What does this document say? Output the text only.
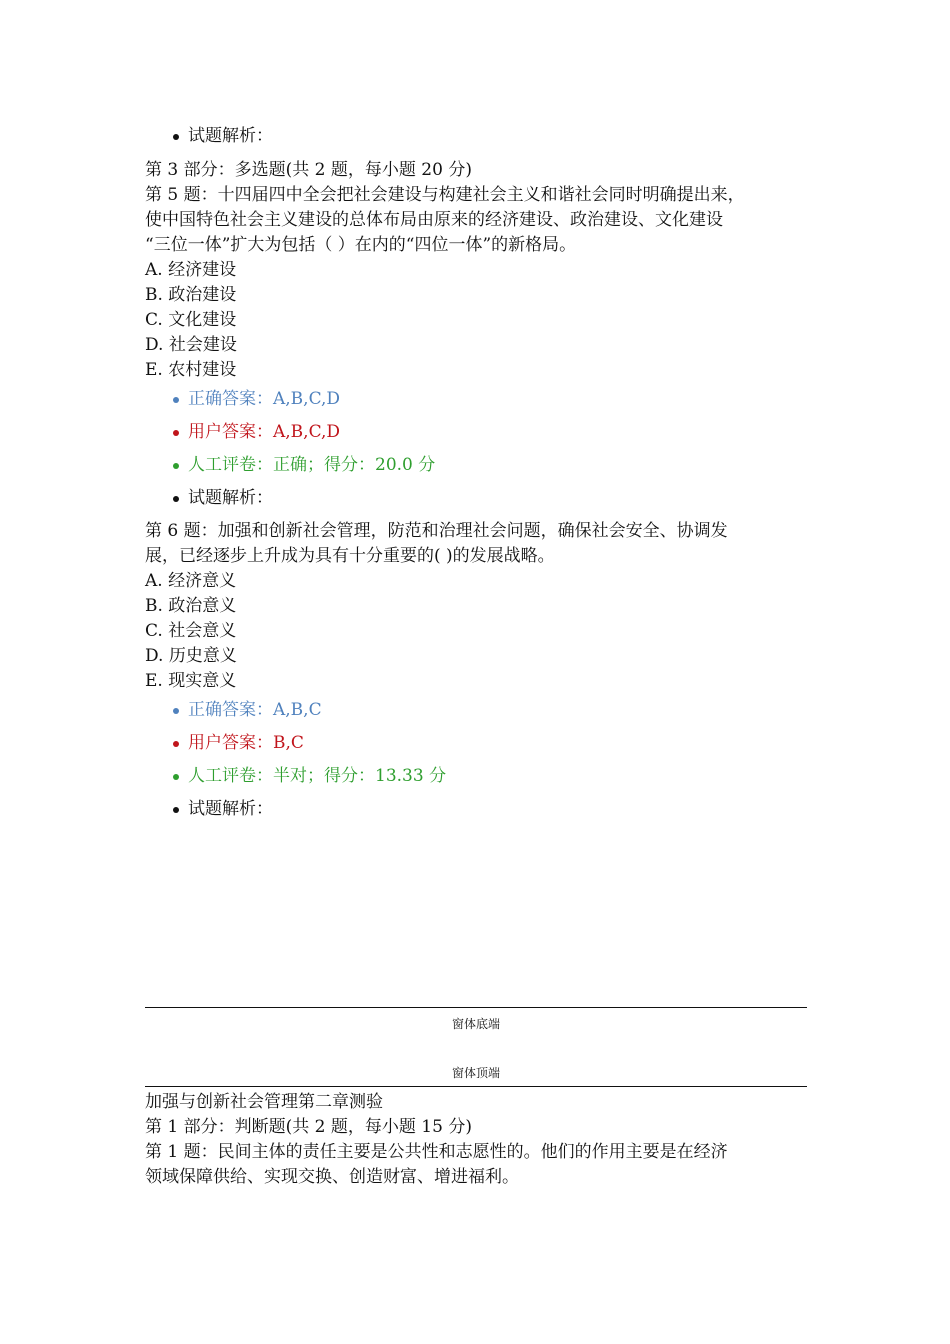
试题解析：
第 3 部分：多选题(共 2 题，每小题 20 分)
第 5 题：十四届四中全会把社会建设与构建社会主义和谐社会同时明确提出来，
使中国特色社会主义建设的总体布局由原来的经济建设、政治建设、文化建设
“三位一体”扩大为包括（ ）在内的“四位一体”的新格局。
A. 经济建设
B. 政治建设
C. 文化建设
D. 社会建设
E. 农村建设
正确答案：A,B,C,D
用户答案：A,B,C,D
人工评卷：正确；得分：20.0 分
试题解析：
第 6 题：加强和创新社会管理，防范和治理社会问题，确保社会安全、协调发
展，已经逐步上升成为具有十分重要的( )的发展战略。
A. 经济意义
B. 政治意义
C. 社会意义
D. 历史意义
E. 现实意义
正确答案：A,B,C
用户答案：B,C
人工评卷：半对；得分：13.33 分
试题解析：
窗体底端
窗体顶端
加强与创新社会管理第二章测验
第 1 部分：判断题(共 2 题，每小题 15 分)
第 1 题：民间主体的责任主要是公共性和志愿性的。他们的作用主要是在经济
领域保障供给、实现交换、创造财富、增进福利。
